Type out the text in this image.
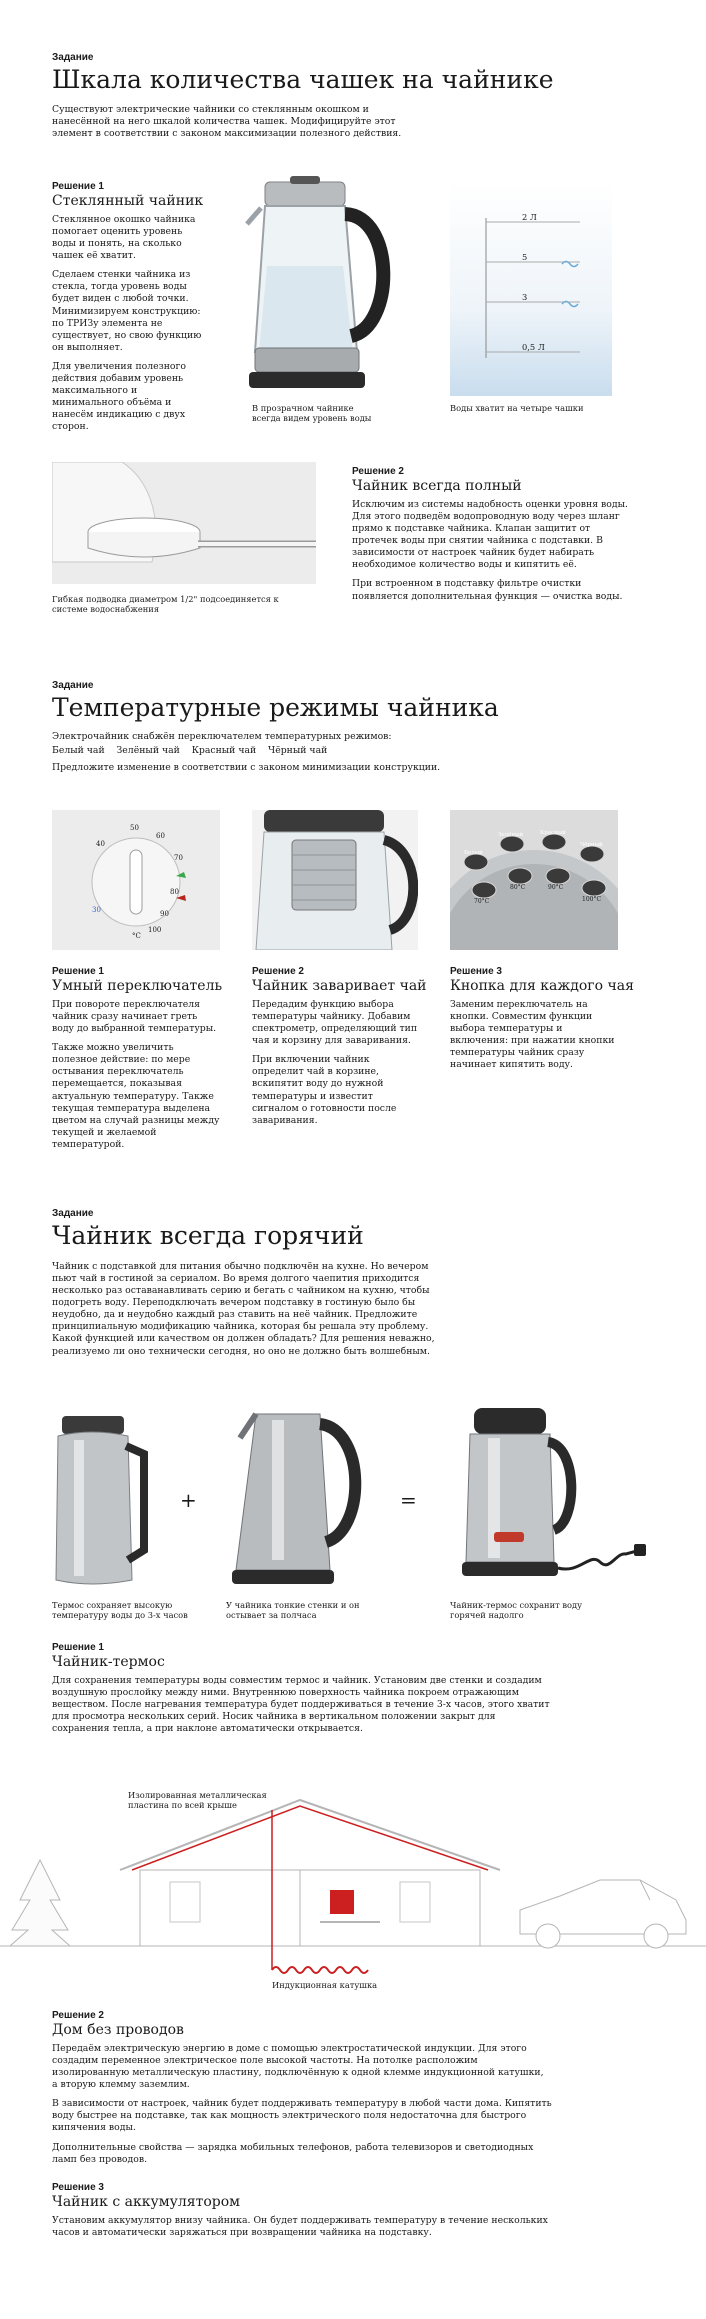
Задание
Шкала количества чашек на чайнике
Существуют электрические чайники со стеклянным окошком и нанесённой на него шкалой количества чашек. Модифицируйте этот элемент в соответствии с законом максимизации полезного действия.
Решение 1
Стеклянный чайник

Стеклянное окошко чайника помогает оценить уровень воды и понять, на сколько чашек её хватит.

Сделаем стенки чайника из стекла, тогда уровень воды будет виден с любой точки. Минимизируем конструкцию: по ТРИЗу элемента не существует, но свою функцию он выполняет.

Для увеличения полезного действия добавим уровень максимального и минимального объёма и нанесём индикацию с двух сторон.

В прозрачном чайнике всегда видем уровень воды
2 Л
5
3
0,5 Л
Воды хватит на четыре чашки
Гибкая подводка диаметром 1/2" подсоединяется к системе водоснабжения
Решение 2
Чайник всегда полный

Исключим из системы надобность оценки уровня воды. Для этого подведём водопроводную воду через шланг прямо к подставке чайника. Клапан защитит от протечек воды при снятии чайника с подставки. В зависимости от настроек чайник будет набирать необходимое количество воды и кипятить её.

При встроенном в подставку фильтре очистки появляется дополнительная функция — очистка воды.

Задание
Температурные режимы чайника
Электрочайник снабжён переключателем температурных режимов:
Белый чай Зелёный чай Красный чай Чёрный чай
Предложите изменение в соответствии с законом минимизации конструкции.
40
50
60
70
80
90
100
30
°C
Белый
Зелёный	Красный
Чёрный
70°С
80°С	90°С
100°С
Решение 1
Умный переключатель

При повороте переключателя чайник сразу начинает греть воду до выбранной температуры.

Также можно увеличить полезное действие: по мере остывания переключатель перемещается, показывая актуальную температуру. Также текущая температура выделена цветом на случай разницы между текущей и желаемой температурой.

Решение 2
Чайник заваривает чай

Передадим функцию выбора температуры чайнику. Добавим спектрометр, определяющий тип чая и корзину для заваривания.

При включении чайник определит чай в корзине, вскипятит воду до нужной температуры и известит сигналом о готовности после заваривания.

Решение 3
Кнопка для каждого чая

Заменим переключатель на кнопки. Совместим функции выбора температуры и включения: при нажатии кнопки температуры чайник сразу начинает кипятить воду.

Задание
Чайник всегда горячий
Чайник с подставкой для питания обычно подключён на кухне. Но вечером пьют чай в гостиной за сериалом. Во время долгого чаепития приходится несколько раз оставанавливать серию и бегать с чайником на кухню, чтобы подогреть воду. Переподключать вечером подставку в гостиную было бы неудобно, да и неудобно каждый раз ставить на неё чайник. Предложите принципиальную модификацию чайника, которая бы решала эту проблему. Какой функцией или качеством он должен обладать? Для решения неважно, реализуемо ли оно технически сегодня, но оно не должно быть волшебным.
+	=
Термос сохраняет высокую температуру воды до 3-х часов
У чайника тонкие стенки и он остывает за полчаса
Чайник-термос сохранит воду горячей надолго
Решение 1
Чайник-термос

Для сохранения температуры воды совместим термос и чайник. Установим две стенки и создадим воздушную прослойку между ними. Внутреннюю поверхность чайника покроем отражающим веществом. После нагревания температура будет поддерживаться в течение 3-х часов, этого хватит для просмотра нескольких серий. Носик чайника в вертикальном положении закрыт для сохранения тепла, а при наклоне автоматически открывается.

Изолированная металлическая пластина по всей крыше
Индукционная катушка
Решение 2
Дом без проводов

Передаём электрическую энергию в доме с помощью электростатической индукции. Для этого создадим переменное электрическое поле высокой частоты. На потолке расположим изолированную металлическую пластину, подключённую к одной клемме индукционной катушки, а вторую клемму заземлим.

В зависимости от настроек, чайник будет поддерживать температуру в любой части дома. Кипятить воду быстрее на подставке, так как мощность электрического поля недостаточна для быстрого кипячения воды.

Дополнительные свойства — зарядка мобильных телефонов, работа телевизоров и светодиодных ламп без проводов.

Решение 3
Чайник с аккумулятором

Установим аккумулятор внизу чайника. Он будет поддерживать температуру в течение нескольких часов и автоматически заряжаться при возвращении чайника на подставку.
